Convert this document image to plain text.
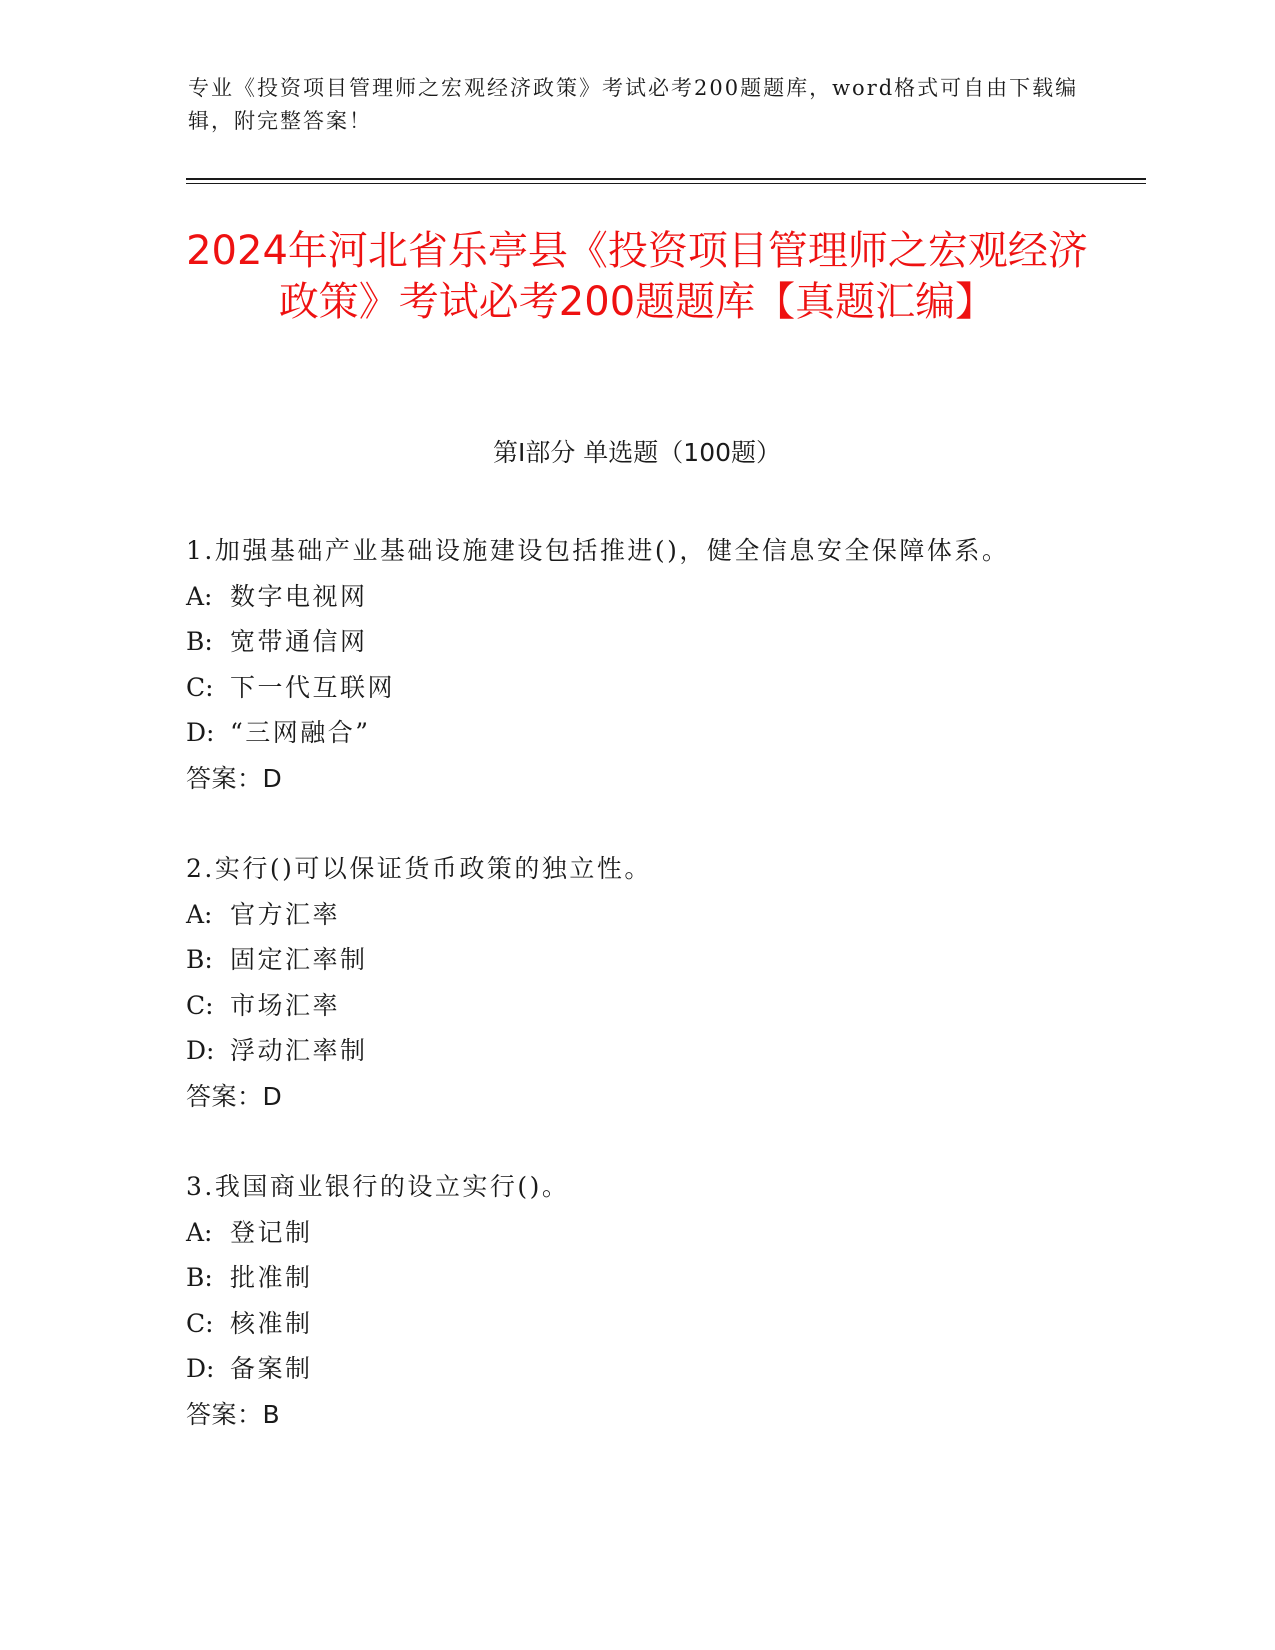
专业《投资项目管理师之宏观经济政策》考试必考200题题库，word格式可自由下载编辑，附完整答案！
2024年河北省乐亭县《投资项目管理师之宏观经济政策》考试必考200题题库【真题汇编】
第I部分 单选题（100题）
1.加强基础产业基础设施建设包括推进()，健全信息安全保障体系。
A: 数字电视网
B: 宽带通信网
C: 下一代互联网
D: “三网融合”
答案：D
2.实行()可以保证货币政策的独立性。
A: 官方汇率
B: 固定汇率制
C: 市场汇率
D: 浮动汇率制
答案：D
3.我国商业银行的设立实行()。
A: 登记制
B: 批准制
C: 核准制
D: 备案制
答案：B
